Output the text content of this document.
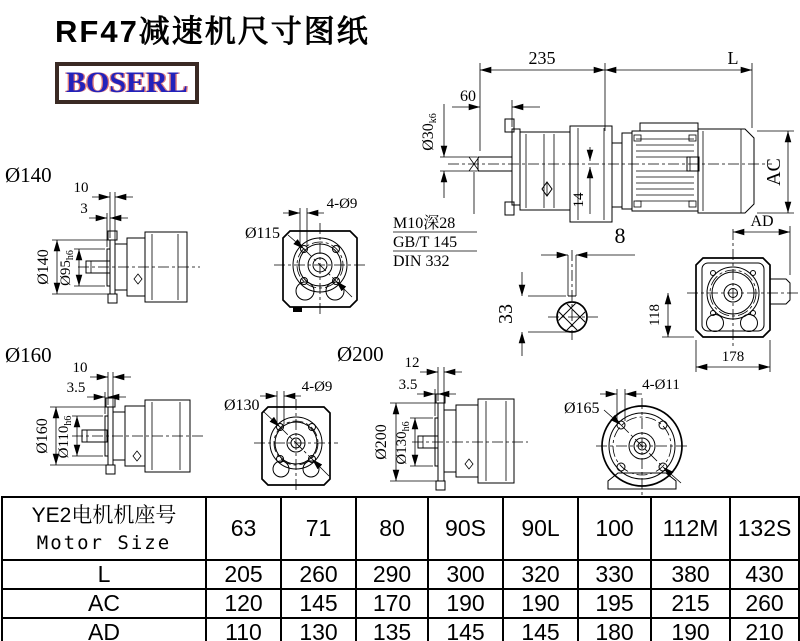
RF47减速机尺寸图纸
BOSERL
235	L
60
Ø30k6
14
AC
AD
M10深28
GB/T 145
DIN 332
8
33	118
178
Ø140
10
3
Ø140 $Ø95_{h6}$
Ø115
4-Ø9
Ø160
10
3.5
Ø160 $Ø110_{h6}$
Ø200
Ø130
4-Ø9
12
3.5
Ø200 $Ø130_{h6}$
Ø165
4-Ø11
YE2电机机座号
Motor Size	63	71	80	90S	90L	100	112M	132S
L	205	260	290	300	320	330	380	430
AC	120	145	170	190	190	195	215	260
AD	110	130	135	145	145	180	190	210
